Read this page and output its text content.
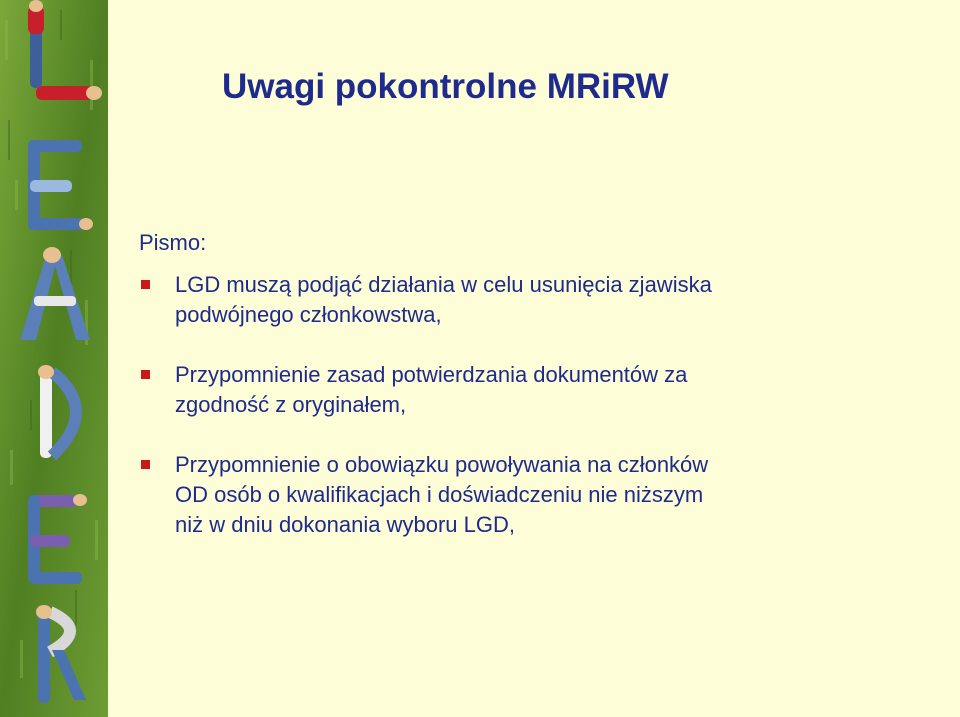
Uwagi pokontrolne MRiRW
Pismo:
LGD muszą podjąć działania w celu usunięcia zjawiska
podwójnego członkowstwa,
Przypomnienie zasad potwierdzania dokumentów za
zgodność z oryginałem,
Przypomnienie o obowiązku powoływania na członków
OD osób o kwalifikacjach i doświadczeniu nie niższym
niż w dniu dokonania wyboru LGD,
